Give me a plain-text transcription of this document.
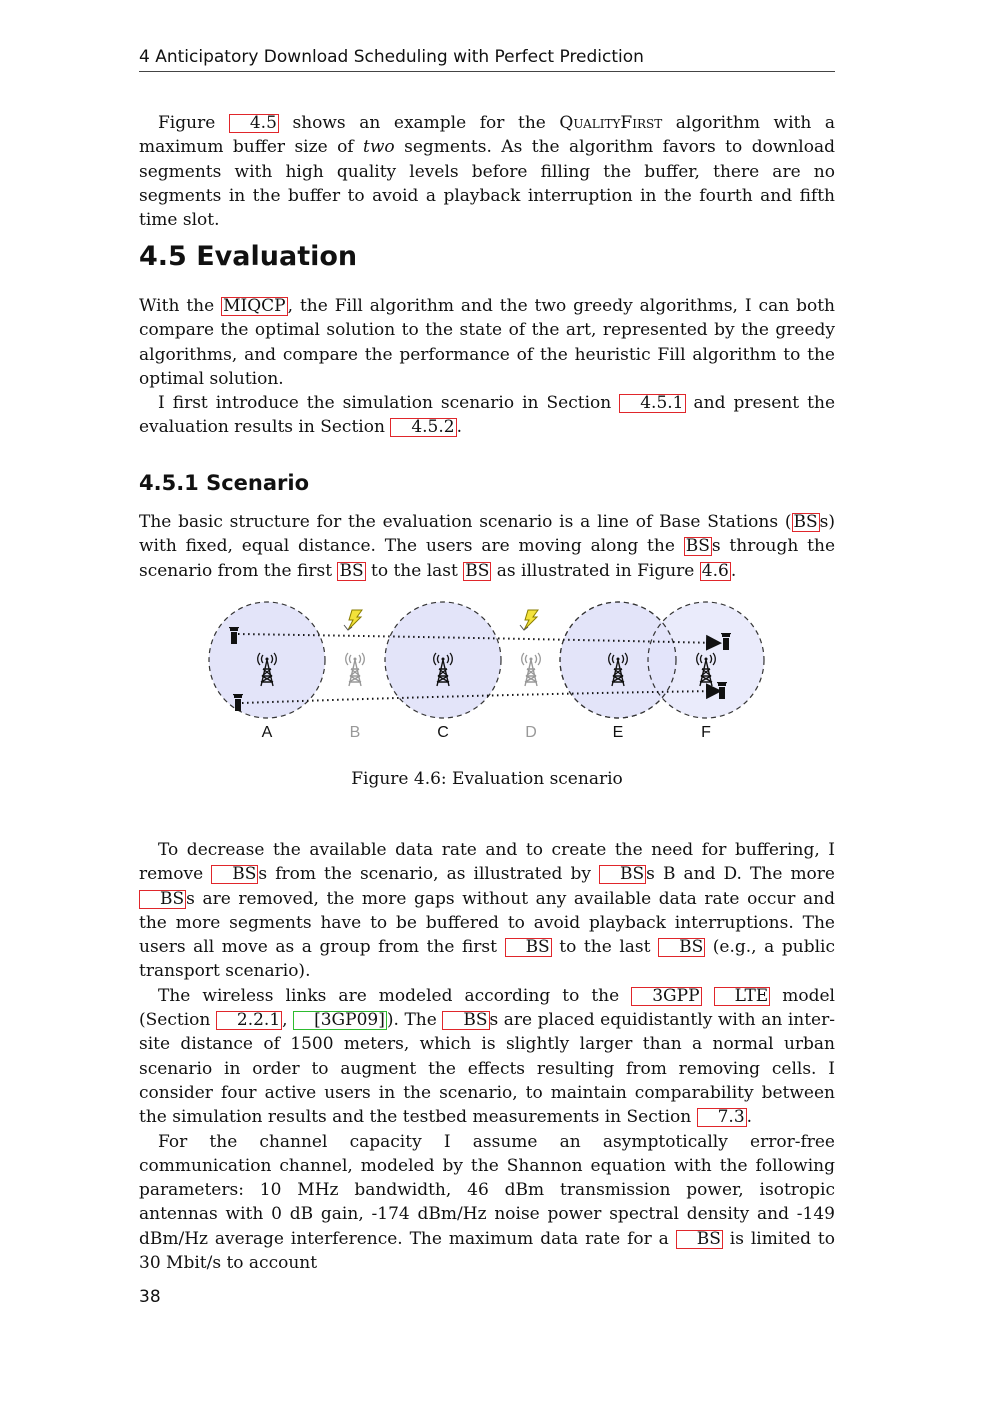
4 Anticipatory Download Scheduling with Perfect Prediction

Figure 4.5 shows an example for the QualityFirst algorithm with a maximum buffer size of two segments. As the algorithm favors to download segments with high quality levels before filling the buffer, there are no segments in the buffer to avoid a playback interruption in the fourth and fifth time slot.

4.5 Evaluation

With the MIQCP , the Fill algorithm and the two greedy algorithms, I can both compare the optimal solution to the state of the art, represented by the greedy algorithms, and compare the performance of the heuristic Fill algorithm to the optimal solution.

I first introduce the simulation scenario in Section 4.5.1 and present the evaluation results in Section 4.5.2 .

4.5.1 Scenario

The basic structure for the evaluation scenario is a line of Base Stations ( BS s) with fixed, equal distance. The users are moving along the BS s through the scenario from the first BS to the last BS as illustrated in Figure 4.6 .

A	B	C	D	E	F
Figure 4.6: Evaluation scenario

To decrease the available data rate and to create the need for buffering, I remove BS s from the scenario, as illustrated by BS s B and D. The more BS s are removed, the more gaps without any available data rate occur and the more segments have to be buffered to avoid playback interruptions. The users all move as a group from the first BS to the last BS (e.g., a public transport scenario).

The wireless links are modeled according to the 3GPP LTE model (Section 2.2.1 , [3GP09] ). The BS s are placed equidistantly with an inter-site distance of 1500 meters, which is slightly larger than a normal urban scenario in order to augment the effects resulting from removing cells. I consider four active users in the scenario, to maintain comparability between the simulation results and the testbed measurements in Section 7.3 .

For the channel capacity I assume an asymptotically error-free communication channel, modeled by the Shannon equation with the following parameters: 10 MHz bandwidth, 46 dBm transmission power, isotropic antennas with 0 dB gain, -174 dBm/Hz noise power spectral density and -149 dBm/Hz average interference. The maximum data rate for a BS is limited to 30 Mbit/s to account

38
